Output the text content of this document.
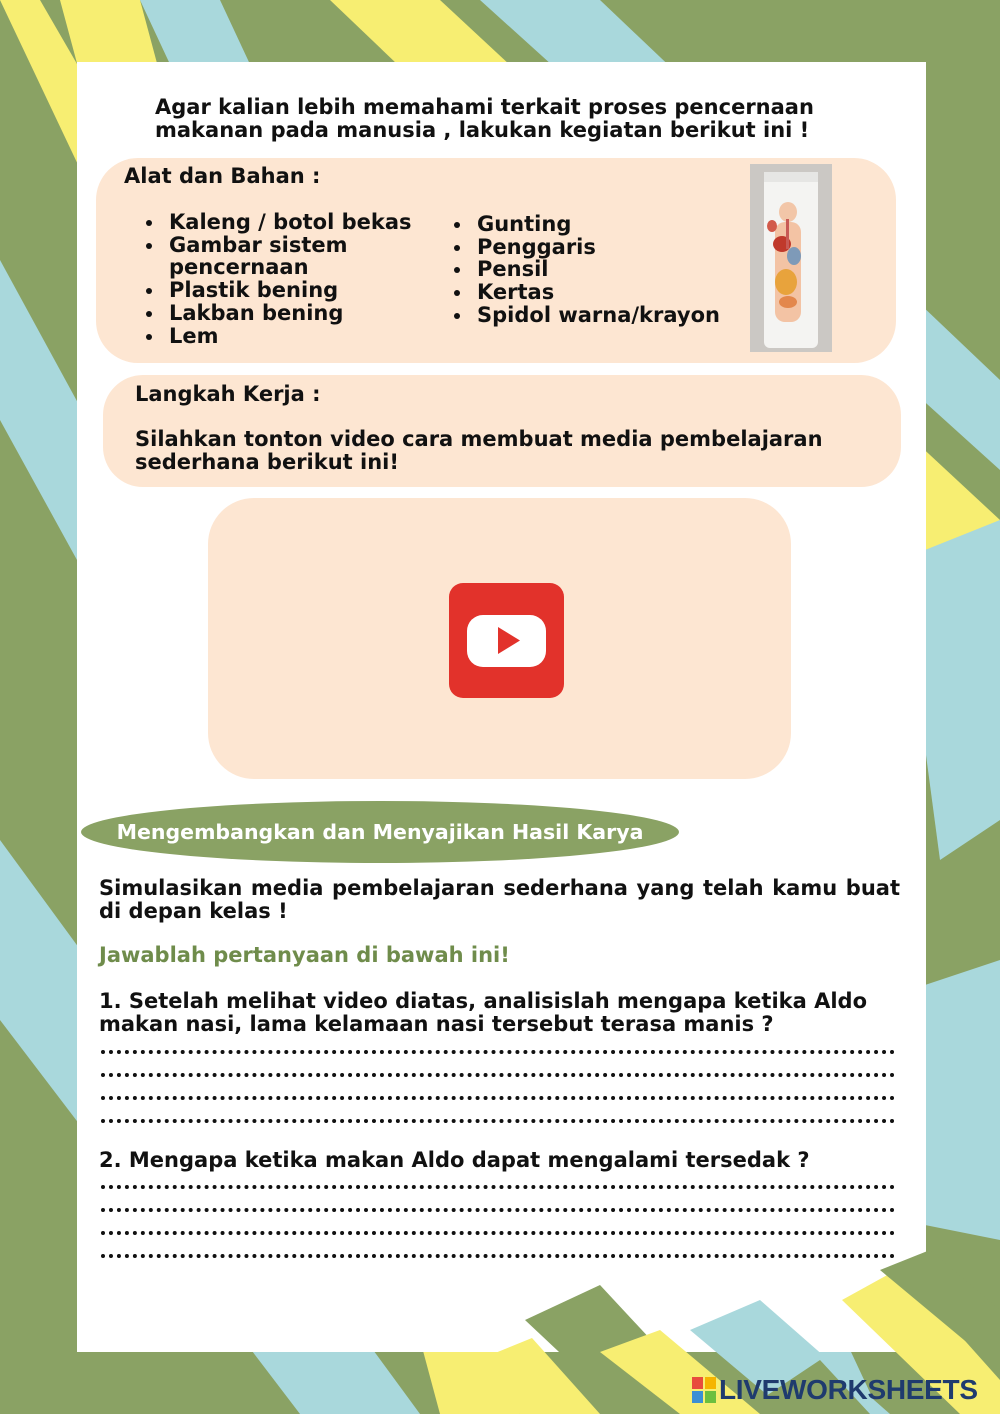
Agar kalian lebih memahami terkait proses pencernaan makanan pada manusia , lakukan kegiatan berikut ini !
Alat dan Bahan :
• Kaleng / botol bekas
• Gambar sistem pencernaan
• Plastik bening
• Lakban bening
• Lem
• Gunting
• Penggaris
• Pensil
• Kertas
• Spidol warna/krayon
Langkah Kerja :
Silahkan tonton video cara membuat media pembelajaran sederhana berikut ini!
Mengembangkan dan Menyajikan Hasil Karya
Simulasikan media pembelajaran sederhana yang telah kamu buat di depan kelas !
Jawablah pertanyaan di bawah ini!
1. Setelah melihat video diatas, analisislah mengapa ketika Aldo makan nasi, lama kelamaan nasi tersebut terasa manis ?
2. Mengapa ketika makan Aldo dapat mengalami tersedak ?
LIVEWORKSHEETS
